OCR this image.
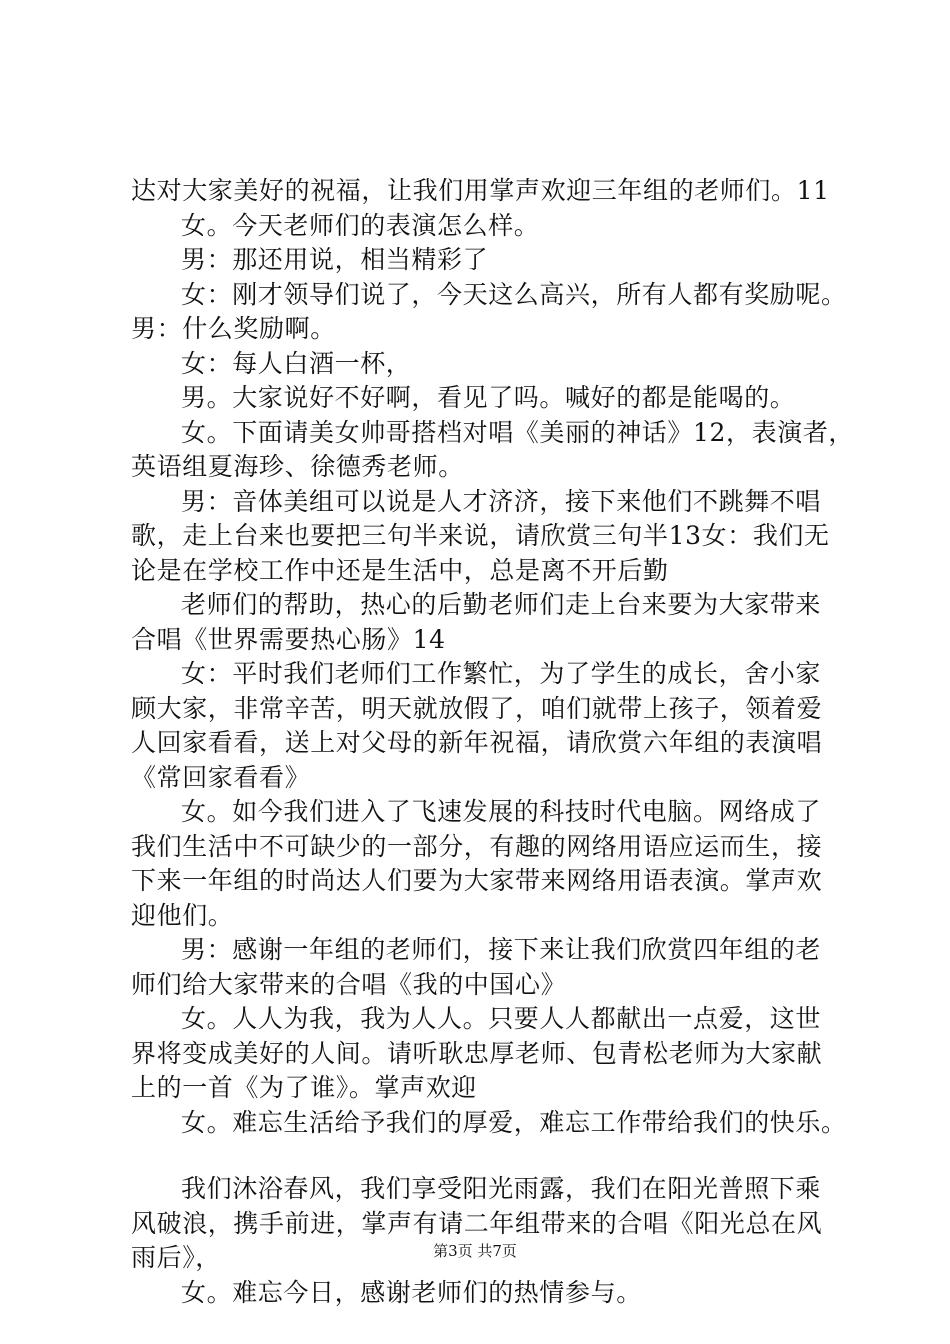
达对大家美好的祝福，让我们用掌声欢迎三年组的老师们。11
女。今天老师们的表演怎么样。
男：那还用说，相当精彩了
女：刚才领导们说了，今天这么高兴，所有人都有奖励呢。
男：什么奖励啊。
女：每人白酒一杯，
男。大家说好不好啊，看见了吗。喊好的都是能喝的。
女。下面请美女帅哥搭档对唱《美丽的神话》12，表演者，
英语组夏海珍、徐德秀老师。
男：音体美组可以说是人才济济，接下来他们不跳舞不唱
歌，走上台来也要把三句半来说，请欣赏三句半13女：我们无
论是在学校工作中还是生活中，总是离不开后勤
老师们的帮助，热心的后勤老师们走上台来要为大家带来
合唱《世界需要热心肠》14
女：平时我们老师们工作繁忙，为了学生的成长，舍小家
顾大家，非常辛苦，明天就放假了，咱们就带上孩子，领着爱
人回家看看，送上对父母的新年祝福，请欣赏六年组的表演唱
《常回家看看》
女。如今我们进入了飞速发展的科技时代电脑。网络成了
我们生活中不可缺少的一部分，有趣的网络用语应运而生，接
下来一年组的时尚达人们要为大家带来网络用语表演。掌声欢
迎他们。
男：感谢一年组的老师们，接下来让我们欣赏四年组的老
师们给大家带来的合唱《我的中国心》
女。人人为我，我为人人。只要人人都献出一点爱，这世
界将变成美好的人间。请听耿忠厚老师、包青松老师为大家献
上的一首《为了谁》。掌声欢迎
女。难忘生活给予我们的厚爱，难忘工作带给我们的快乐。
我们沐浴春风，我们享受阳光雨露，我们在阳光普照下乘
风破浪，携手前进，掌声有请二年组带来的合唱《阳光总在风
雨后》，
女。难忘今日，感谢老师们的热情参与。
第3页 共7页
